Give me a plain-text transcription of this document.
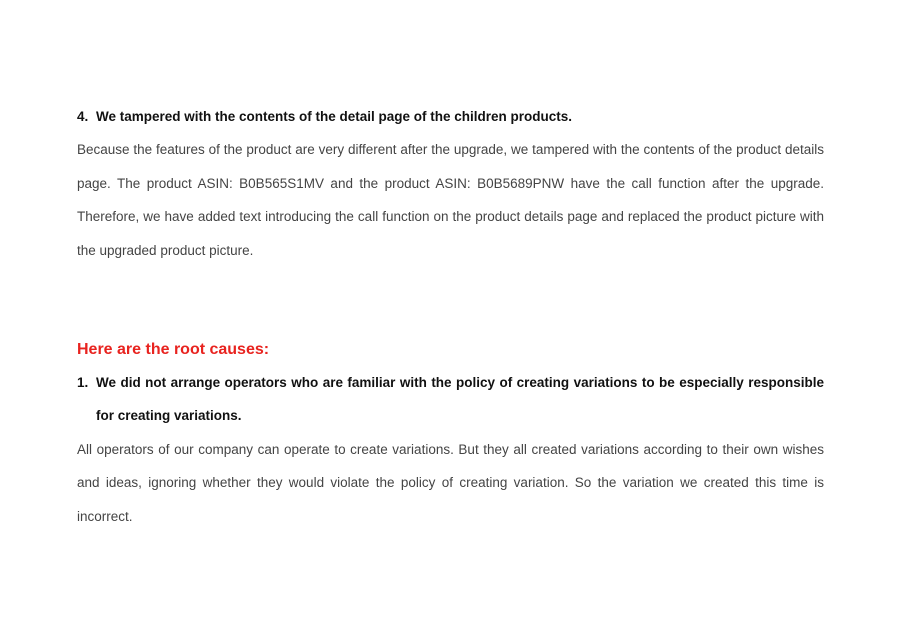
4. We tampered with the contents of the detail page of the children products.

Because the features of the product are very different after the upgrade, we tampered with the contents of the product details page. The product ASIN: B0B565S1MV and the product ASIN: B0B5689PNW have the call function after the upgrade. Therefore, we have added text introducing the call function on the product details page and replaced the product picture with the upgraded product picture.

Here are the root causes:
1. We did not arrange operators who are familiar with the policy of creating variations to be especially responsible for creating variations.

All operators of our company can operate to create variations. But they all created variations according to their own wishes and ideas, ignoring whether they would violate the policy of creating variation. So the variation we created this time is incorrect.
